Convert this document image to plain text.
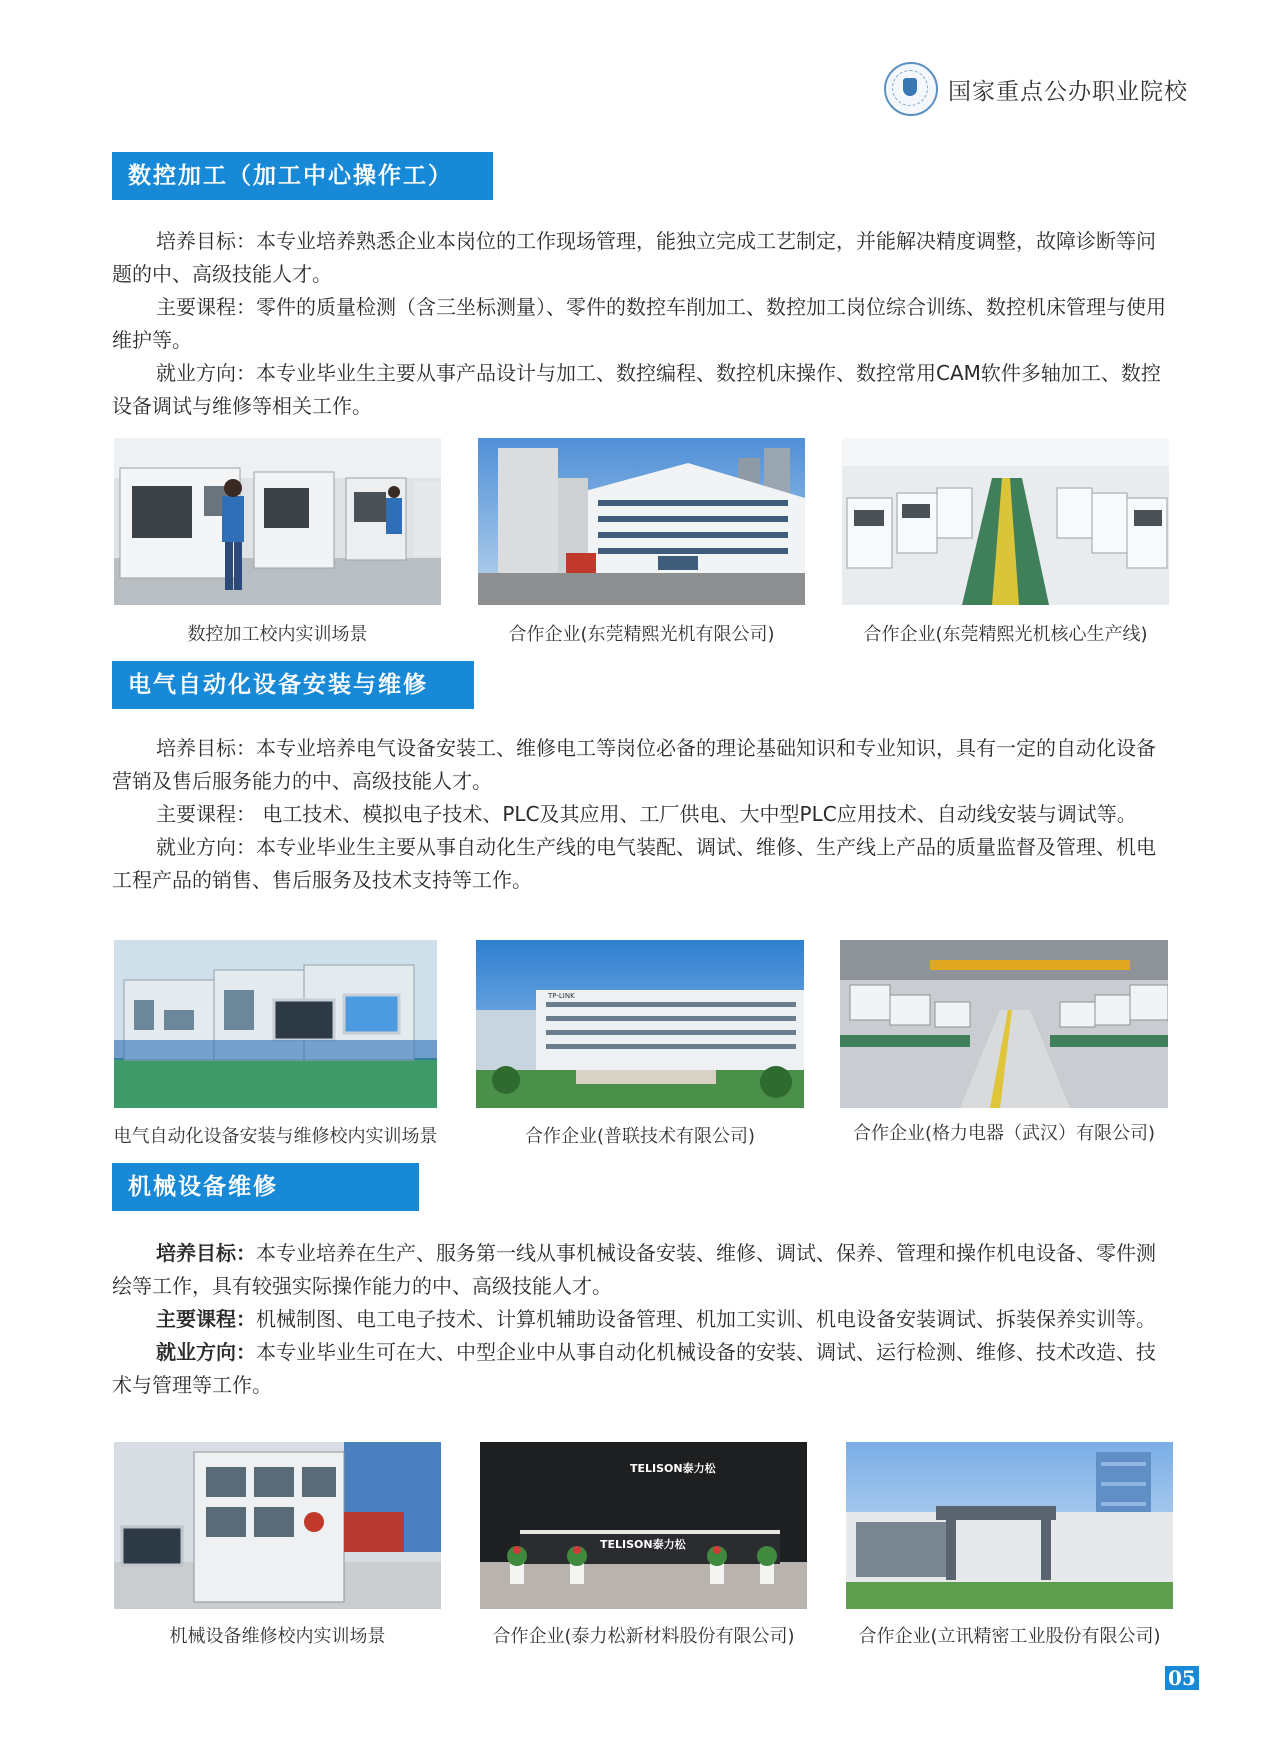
国家重点公办职业院校
数控加工（加工中心操作工）

培养目标：本专业培养熟悉企业本岗位的工作现场管理，能独立完成工艺制定，并能解决精度调整，故障诊断等问题的中、高级技能人才。

主要课程：零件的质量检测（含三坐标测量）、零件的数控车削加工、数控加工岗位综合训练、数控机床管理与使用维护等。

就业方向：本专业毕业生主要从事产品设计与加工、数控编程、数控机床操作、数控常用CAM软件多轴加工、数控设备调试与维修等相关工作。

数控加工校内实训场景	合作企业(东莞精熙光机有限公司)	合作企业(东莞精熙光机核心生产线)
电气自动化设备安装与维修

培养目标：本专业培养电气设备安装工、维修电工等岗位必备的理论基础知识和专业知识，具有一定的自动化设备营销及售后服务能力的中、高级技能人才。

主要课程： 电工技术、模拟电子技术、PLC及其应用、工厂供电、大中型PLC应用技术、自动线安装与调试等。

就业方向：本专业毕业生主要从事自动化生产线的电气装配、调试、维修、生产线上产品的质量监督及管理、机电工程产品的销售、售后服务及技术支持等工作。

电气自动化设备安装与维修校内实训场景
TP-LINK
合作企业(普联技术有限公司)	合作企业(格力电器（武汉）有限公司)
机械设备维修

培养目标：本专业培养在生产、服务第一线从事机械设备安装、维修、调试、保养、管理和操作机电设备、零件测绘等工作，具有较强实际操作能力的中、高级技能人才。

主要课程：机械制图、电工电子技术、计算机辅助设备管理、机加工实训、机电设备安装调试、拆装保养实训等。

就业方向：本专业毕业生可在大、中型企业中从事自动化机械设备的安装、调试、运行检测、维修、技术改造、技术与管理等工作。

机械设备维修校内实训场景
TELISON泰力松
TELISON泰力松
合作企业(泰力松新材料股份有限公司)	合作企业(立讯精密工业股份有限公司)
05
